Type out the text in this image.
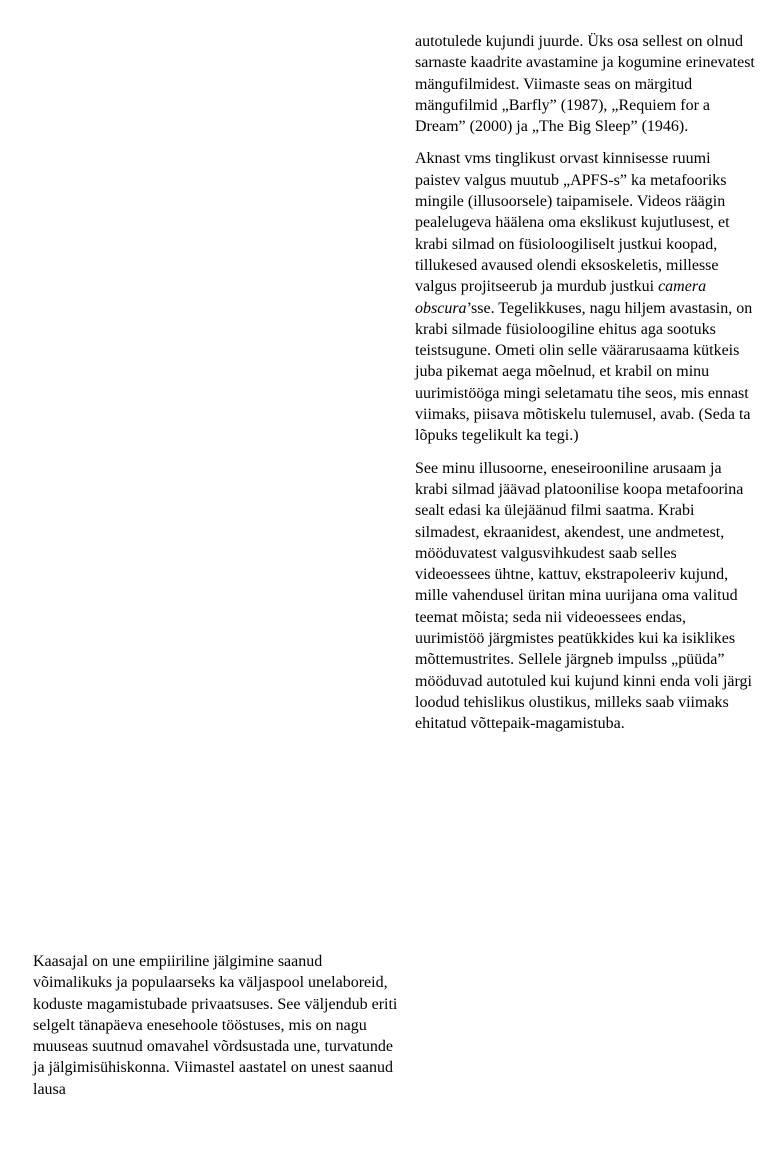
autotulede kujundi juurde. Üks osa sellest on olnud sarnaste kaadrite avastamine ja kogumine erinevatest mängufilmidest. Viimaste seas on märgitud mängufilmid „Barfly” (1987), „Requiem for a Dream” (2000) ja „The Big Sleep” (1946).

Aknast vms tinglikust orvast kinnisesse ruumi paistev valgus muutub „APFS-s” ka metafooriks mingile (illusoorsele) taipamisele. Videos räägin pealelugeva häälena oma ekslikust kujutlusest, et krabi silmad on füsioloogiliselt justkui koopad, tillukesed avaused olendi eksoskeletis, millesse valgus projitseerub ja murdub justkui camera obscura’sse. Tegelikkuses, nagu hiljem avastasin, on krabi silmade füsioloogiline ehitus aga sootuks teistsugune. Ometi olin selle väärarusaama kütkeis juba pikemat aega mõelnud, et krabil on minu uurimistööga mingi seletamatu tihe seos, mis ennast viimaks, piisava mõtiskelu tulemusel, avab. (Seda ta lõpuks tegelikult ka tegi.)

See minu illusoorne, eneseirooniline arusaam ja krabi silmad jäävad platoonilise koopa metafoorina sealt edasi ka ülejäänud filmi saatma. Krabi silmadest, ekraanidest, akendest, une andmetest, mööduvatest valgusvihkudest saab selles videoessees ühtne, kattuv, ekstrapoleeriv kujund, mille vahendusel üritan mina uurijana oma valitud teemat mõista; seda nii videoessees endas, uurimistöö järgmistes peatükkides kui ka isiklikes mõttemustrites. Sellele järgneb impulss „püüda” mööduvad autotuled kui kujund kinni enda voli järgi loodud tehislikus olustikus, milleks saab viimaks ehitatud võttepaik-magamistuba.

Kaasajal on une empiiriline jälgimine saanud võimalikuks ja populaarseks ka väljaspool unelaboreid, koduste magamistubade privaatsuses. See väljendub eriti selgelt tänapäeva enesehoole tööstuses, mis on nagu muuseas suutnud omavahel võrdsustada une, turvatunde ja jälgimisühiskonna. Viimastel aastatel on unest saanud lausa
